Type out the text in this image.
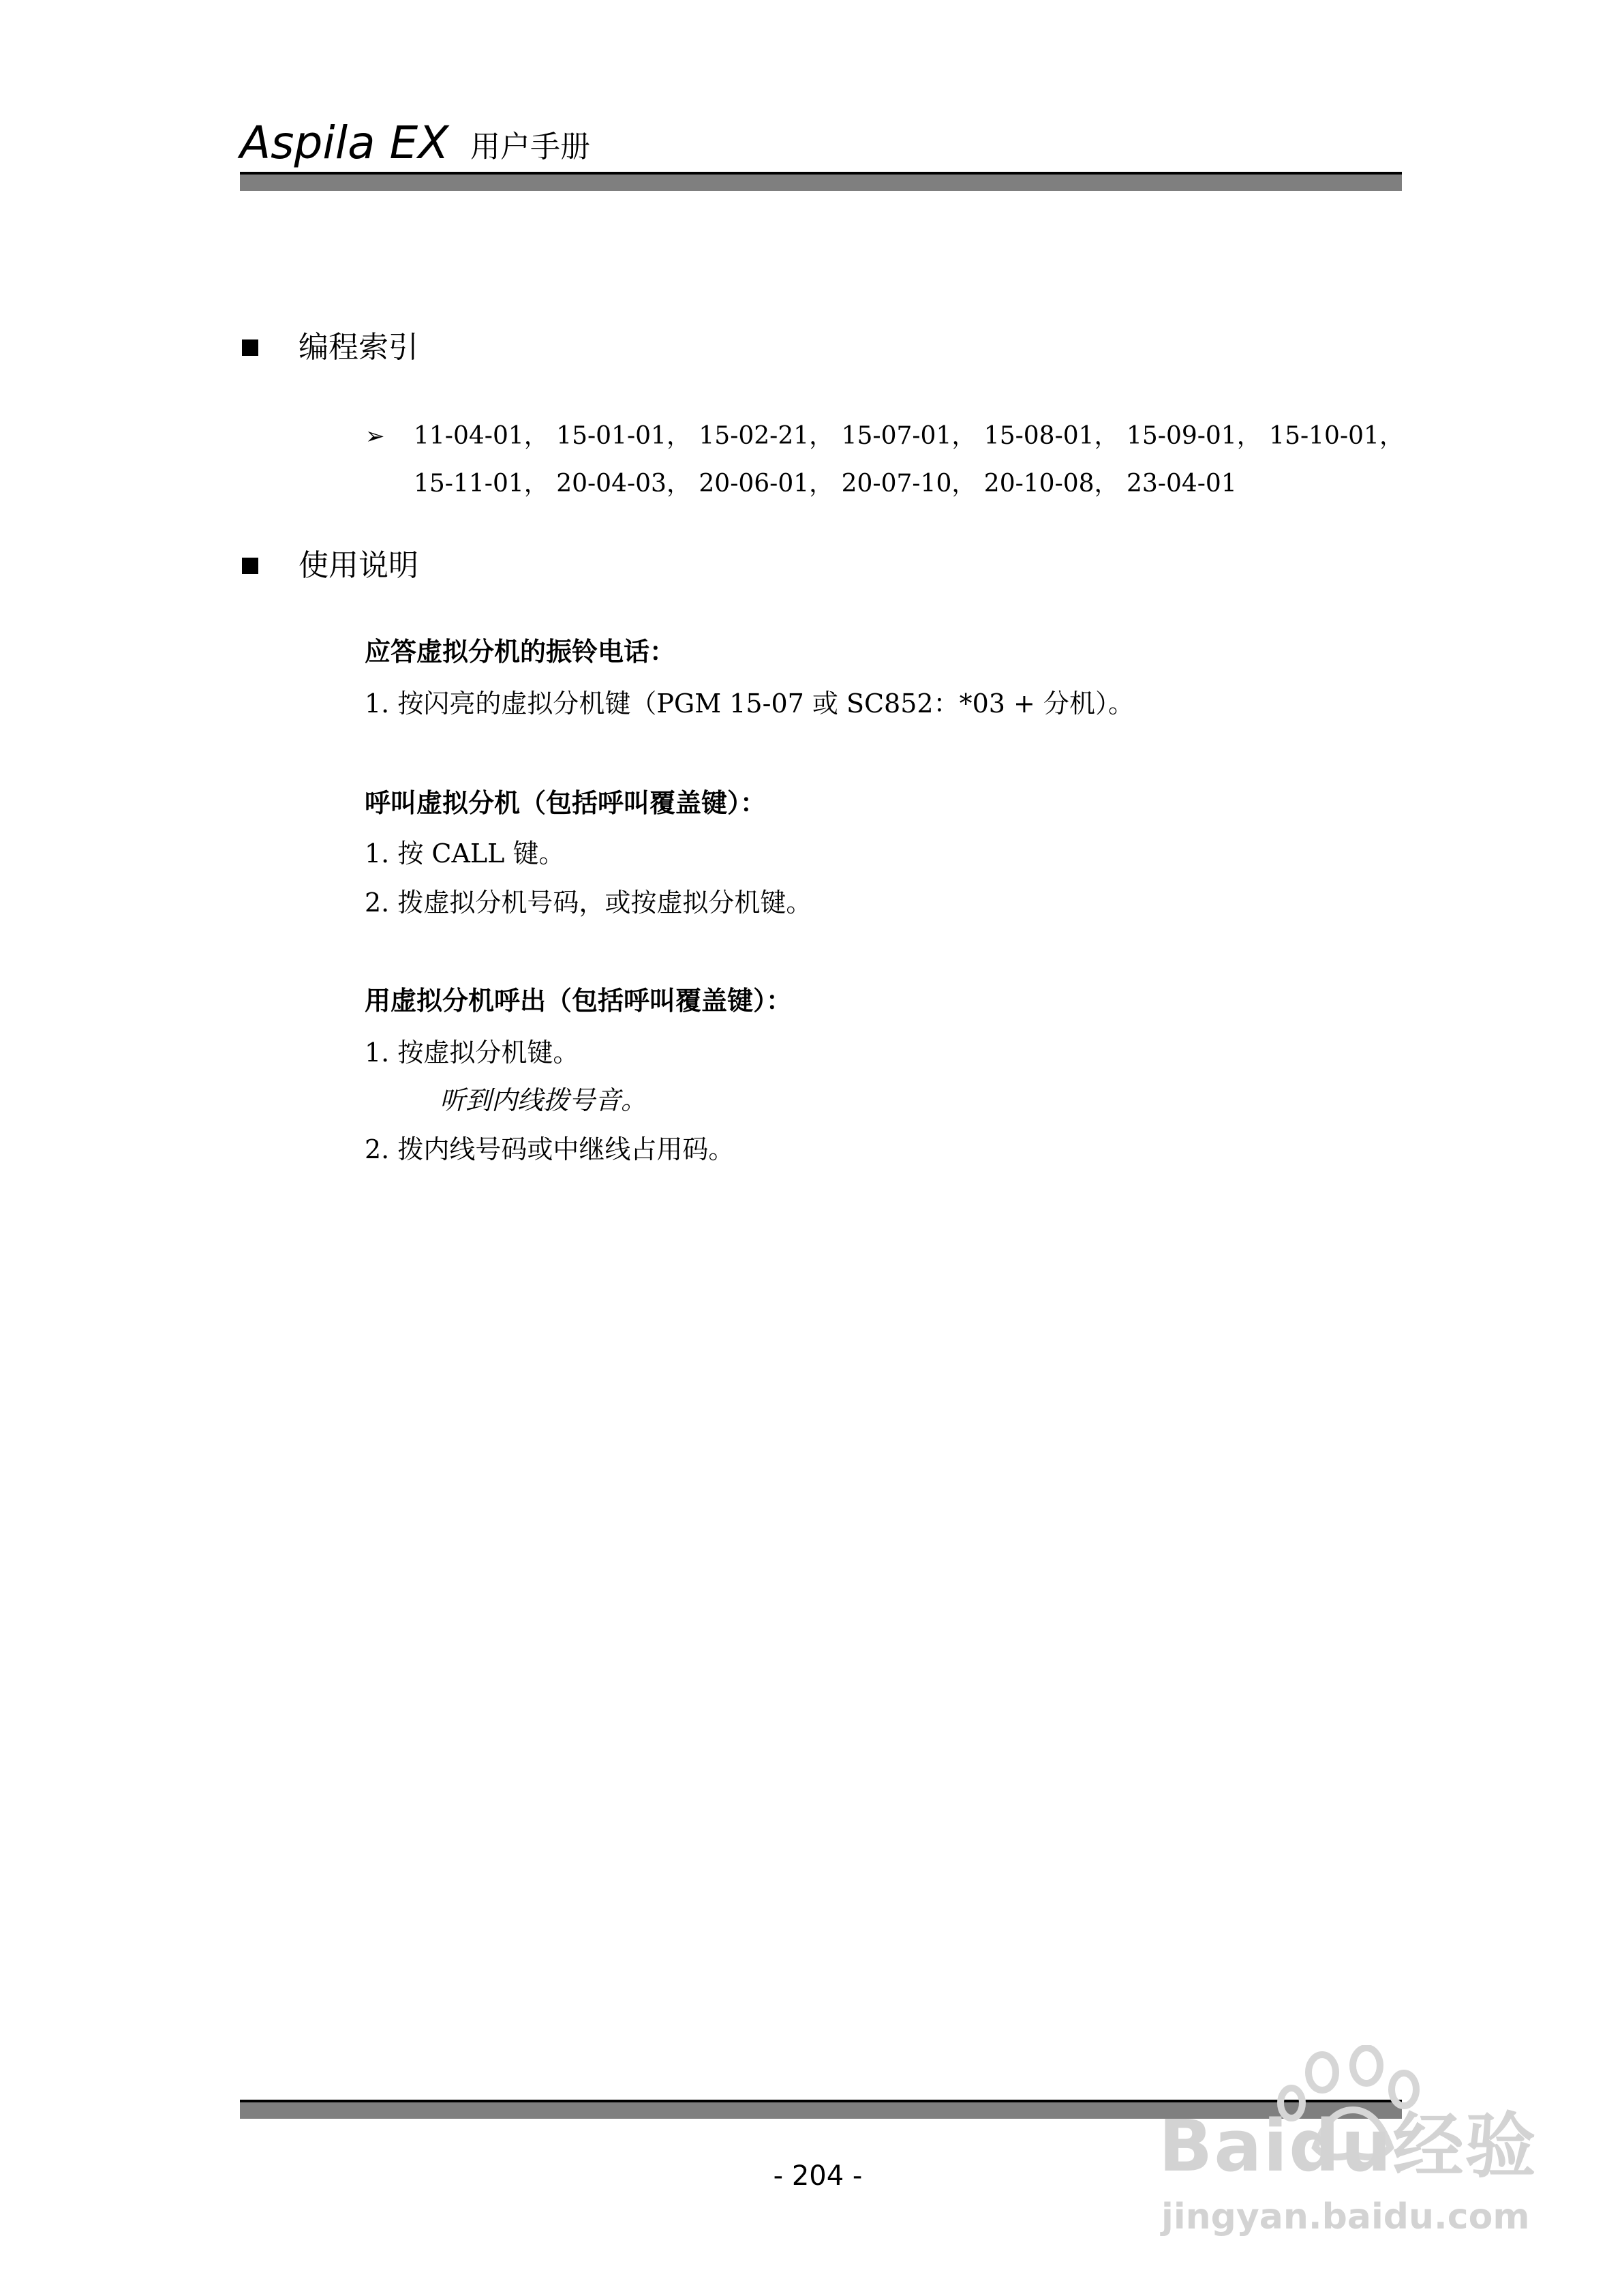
Aspila EX 用户手册
编程索引
➢ 11-04-01， 15-01-01， 15-02-21， 15-07-01， 15-08-01， 15-09-01， 15-10-01，
15-11-01， 20-04-03， 20-06-01， 20-07-10， 20-10-08， 23-04-01
使用说明
应答虚拟分机的振铃电话：
1. 按闪亮的虚拟分机键（PGM 15-07 或 SC852：*03 + 分机）。
呼叫虚拟分机（包括呼叫覆盖键）：
1. 按 CALL 键。
2. 拨虚拟分机号码，或按虚拟分机键。
用虚拟分机呼出（包括呼叫覆盖键）：
1. 按虚拟分机键。
听到内线拨号音。
2. 拨内线号码或中继线占用码。
- 204 -	Baidu经验
jingyan.baidu.com
